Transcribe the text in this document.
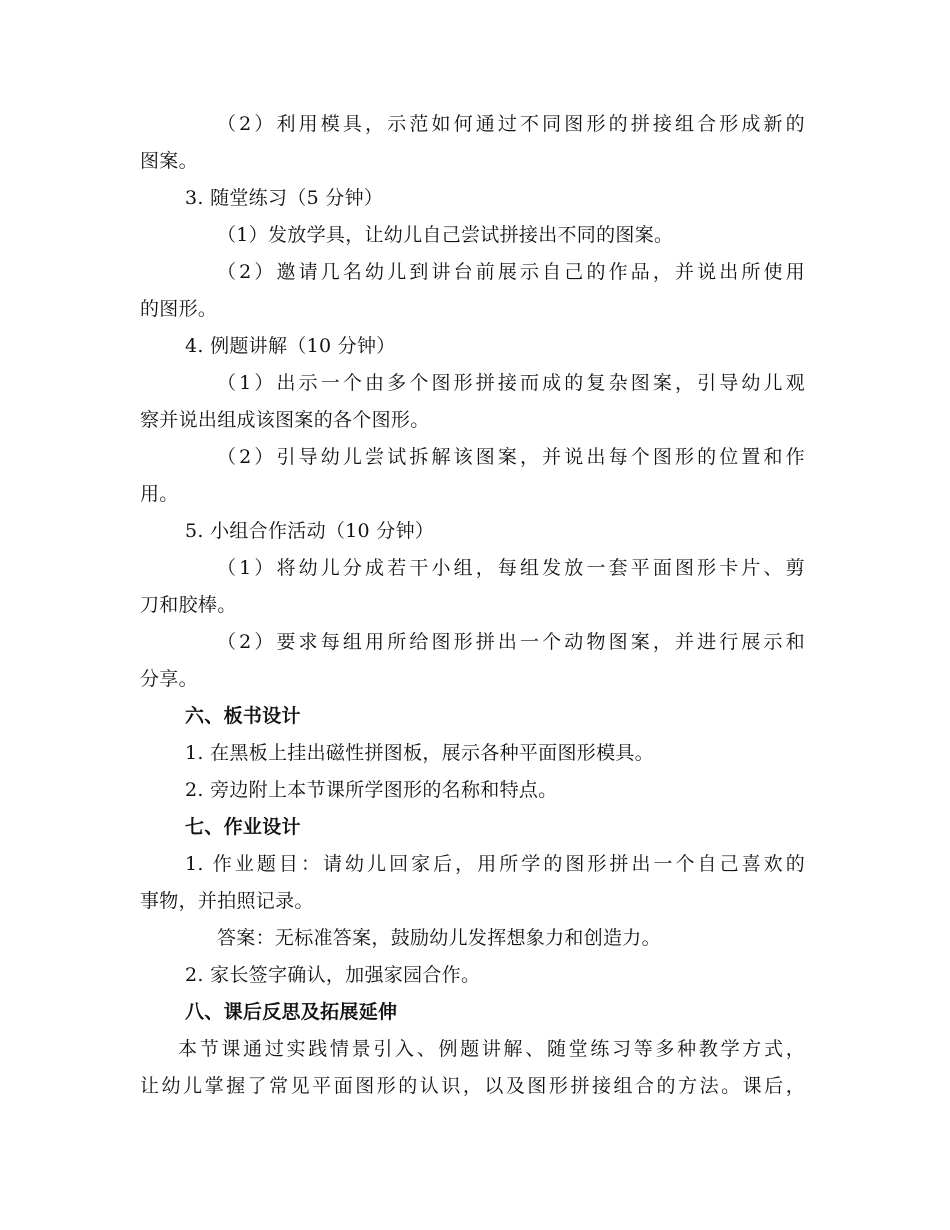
（2）利用模具，示范如何通过不同图形的拼接组合形成新的
图案。
3. 随堂练习（5 分钟）
（1）发放学具，让幼儿自己尝试拼接出不同的图案。
（2）邀请几名幼儿到讲台前展示自己的作品，并说出所使用
的图形。
4. 例题讲解（10 分钟）
（1）出示一个由多个图形拼接而成的复杂图案，引导幼儿观
察并说出组成该图案的各个图形。
（2）引导幼儿尝试拆解该图案，并说出每个图形的位置和作
用。
5. 小组合作活动（10 分钟）
（1）将幼儿分成若干小组，每组发放一套平面图形卡片、剪
刀和胶棒。
（2）要求每组用所给图形拼出一个动物图案，并进行展示和
分享。
六、板书设计
1. 在黑板上挂出磁性拼图板，展示各种平面图形模具。
2. 旁边附上本节课所学图形的名称和特点。
七、作业设计
1. 作业题目：请幼儿回家后，用所学的图形拼出一个自己喜欢的
事物，并拍照记录。
答案：无标准答案，鼓励幼儿发挥想象力和创造力。
2. 家长签字确认，加强家园合作。
八、课后反思及拓展延伸
本节课通过实践情景引入、例题讲解、随堂练习等多种教学方式，
让幼儿掌握了常见平面图形的认识，以及图形拼接组合的方法。课后，
